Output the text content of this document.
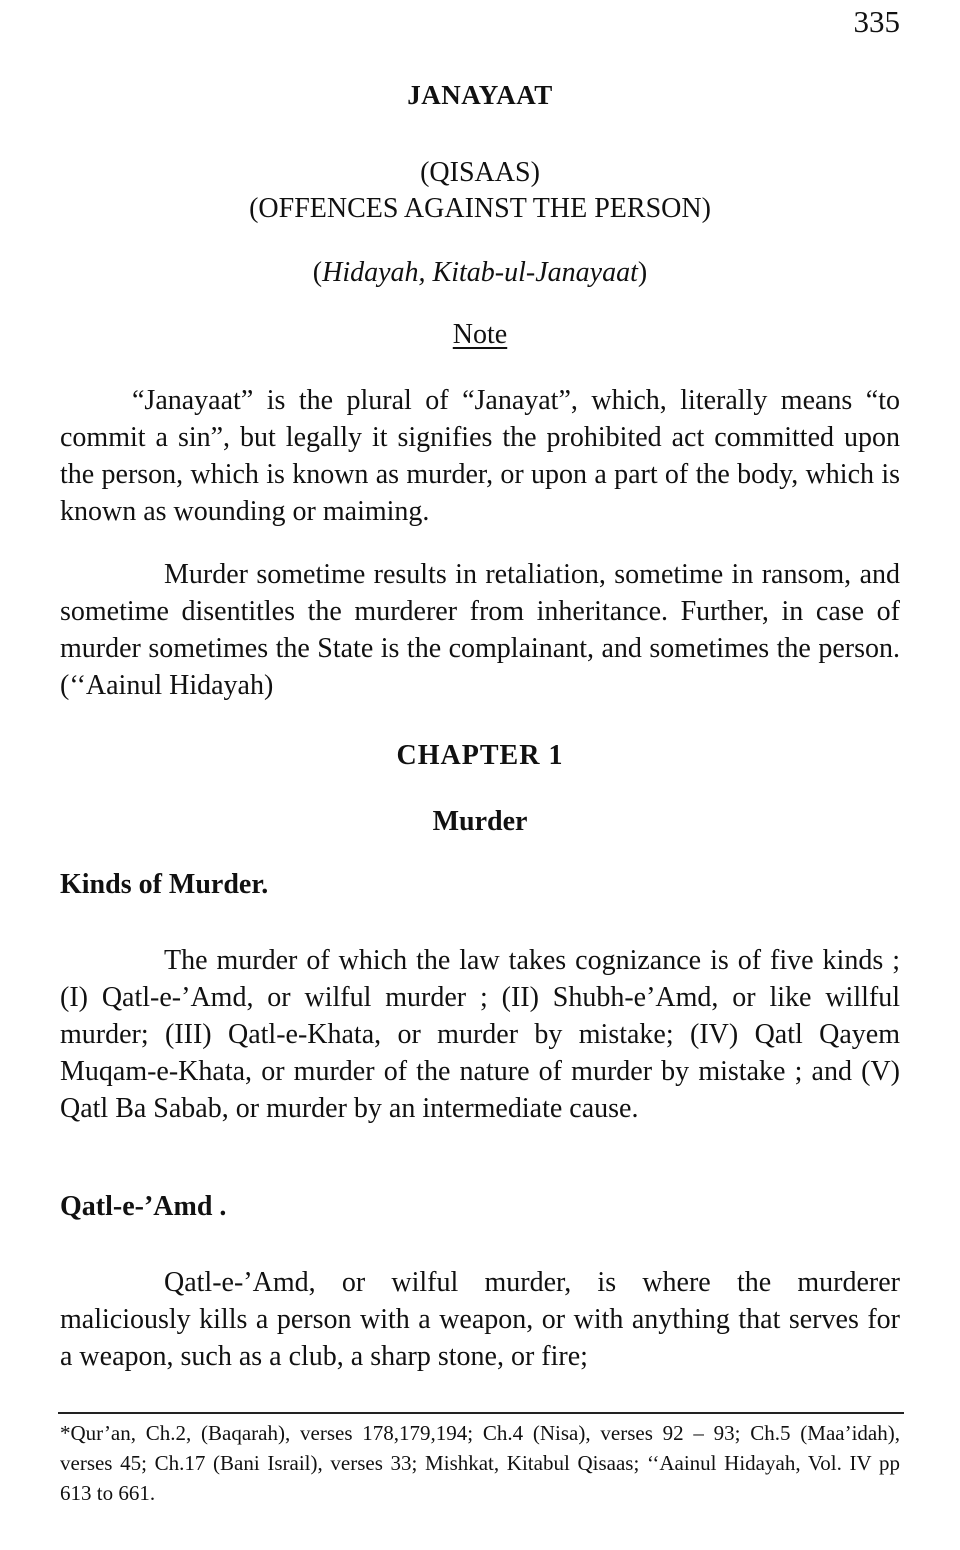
335
JANAYAAT
(QISAAS)
(OFFENCES AGAINST THE PERSON)
(Hidayah, Kitab-ul-Janayaat)
Note

“Janayaat” is the plural of “Janayat”, which, literally means “to commit a sin”, but legally it signifies the prohibited act committed upon the person, which is known as murder, or upon a part of the body, which is known as wounding or maiming.

Murder sometime results in retaliation, sometime in ransom, and sometime disentitles the murderer from inheritance. Further, in case of murder sometimes the State is the complainant, and sometimes the person. (‘‘Aainul Hidayah)

CHAPTER 1
Murder
Kinds of Murder.

The murder of which the law takes cognizance is of five kinds ; (I) Qatl-e-’Amd, or wilful murder ; (II) Shubh-e’Amd, or like willful murder; (III) Qatl-e-Khata, or murder by mistake; (IV) Qatl Qayem Muqam-e-Khata, or murder of the nature of murder by mistake ; and (V) Qatl Ba Sabab, or murder by an intermediate cause.

Qatl-e-’Amd .

Qatl-e-’Amd, or wilful murder, is where the murderer maliciously kills a person with a weapon, or with anything that serves for a weapon, such as a club, a sharp stone, or fire;

*Qur’an, Ch.2, (Baqarah), verses 178,179,194; Ch.4 (Nisa), verses 92 – 93; Ch.5 (Maa’idah), verses 45; Ch.17 (Bani Israil), verses 33; Mishkat, Kitabul Qisaas; ‘‘Aainul Hidayah, Vol. IV pp 613 to 661.
